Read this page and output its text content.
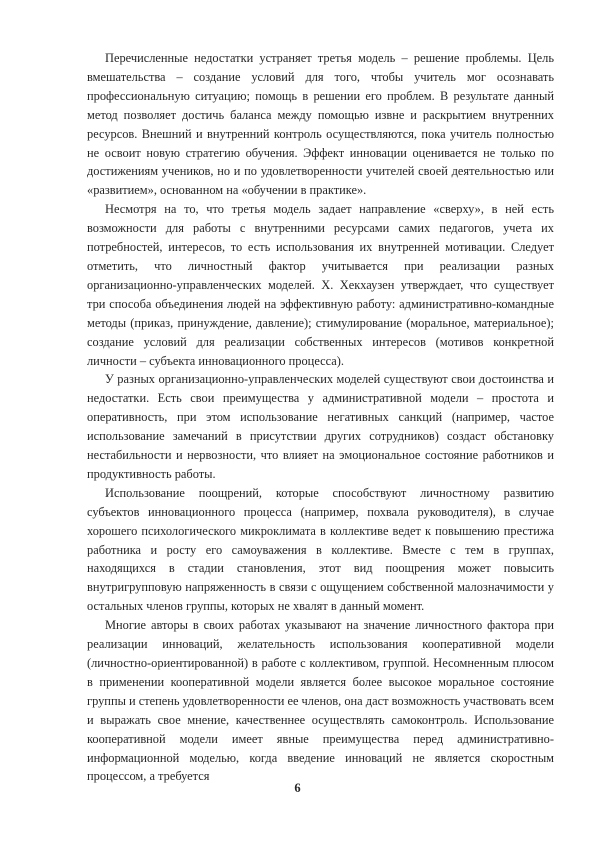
Перечисленные недостатки устраняет третья модель – решение проблемы. Цель вмешательства – создание условий для того, чтобы учитель мог осознавать профессиональную ситуацию; помощь в решении его проблем. В результате данный метод позволяет достичь баланса между помощью извне и раскрытием внутренних ресурсов. Внешний и внутренний контроль осуществляются, пока учитель полностью не освоит новую стратегию обучения. Эффект инновации оценивается не только по достижениям учеников, но и по удовлетворенности учителей своей деятельностью или «развитием», основанном на «обучении в практике».

Несмотря на то, что третья модель задает направление «сверху», в ней есть возможности для работы с внутренними ресурсами самих педагогов, учета их потребностей, интересов, то есть использования их внутренней мотивации. Следует отметить, что личностный фактор учитывается при реализации разных организационно-управленческих моделей. Х. Хекхаузен утверждает, что существует три способа объединения людей на эффективную работу: административно-командные методы (приказ, принуждение, давление); стимулирование (моральное, материальное); создание условий для реализации собственных интересов (мотивов конкретной личности – субъекта инновационного процесса).

У разных организационно-управленческих моделей существуют свои достоинства и недостатки. Есть свои преимущества у административной модели – простота и оперативность, при этом использование негативных санкций (например, частое использование замечаний в присутствии других сотрудников) создаст обстановку нестабильности и нервозности, что влияет на эмоциональное состояние работников и продуктивность работы.

Использование поощрений, которые способствуют личностному развитию субъектов инновационного процесса (например, похвала руководителя), в случае хорошего психологического микроклимата в коллективе ведет к повышению престижа работника и росту его самоуважения в коллективе. Вместе с тем в группах, находящихся в стадии становления, этот вид поощрения может повысить внутригрупповую напряженность в связи с ощущением собственной малозначимости у остальных членов группы, которых не хвалят в данный момент.

Многие авторы в своих работах указывают на значение личностного фактора при реализации инноваций, желательность использования кооперативной модели (личностно-ориентированной) в работе с коллективом, группой. Несомненным плюсом в применении кооперативной модели является более высокое моральное состояние группы и степень удовлетворенности ее членов, она даст возможность участвовать всем и выражать свое мнение, качественнее осуществлять самоконтроль. Использование кооперативной модели имеет явные преимущества перед административно-информационной моделью, когда введение инноваций не является скоростным процессом, а требуется

6
